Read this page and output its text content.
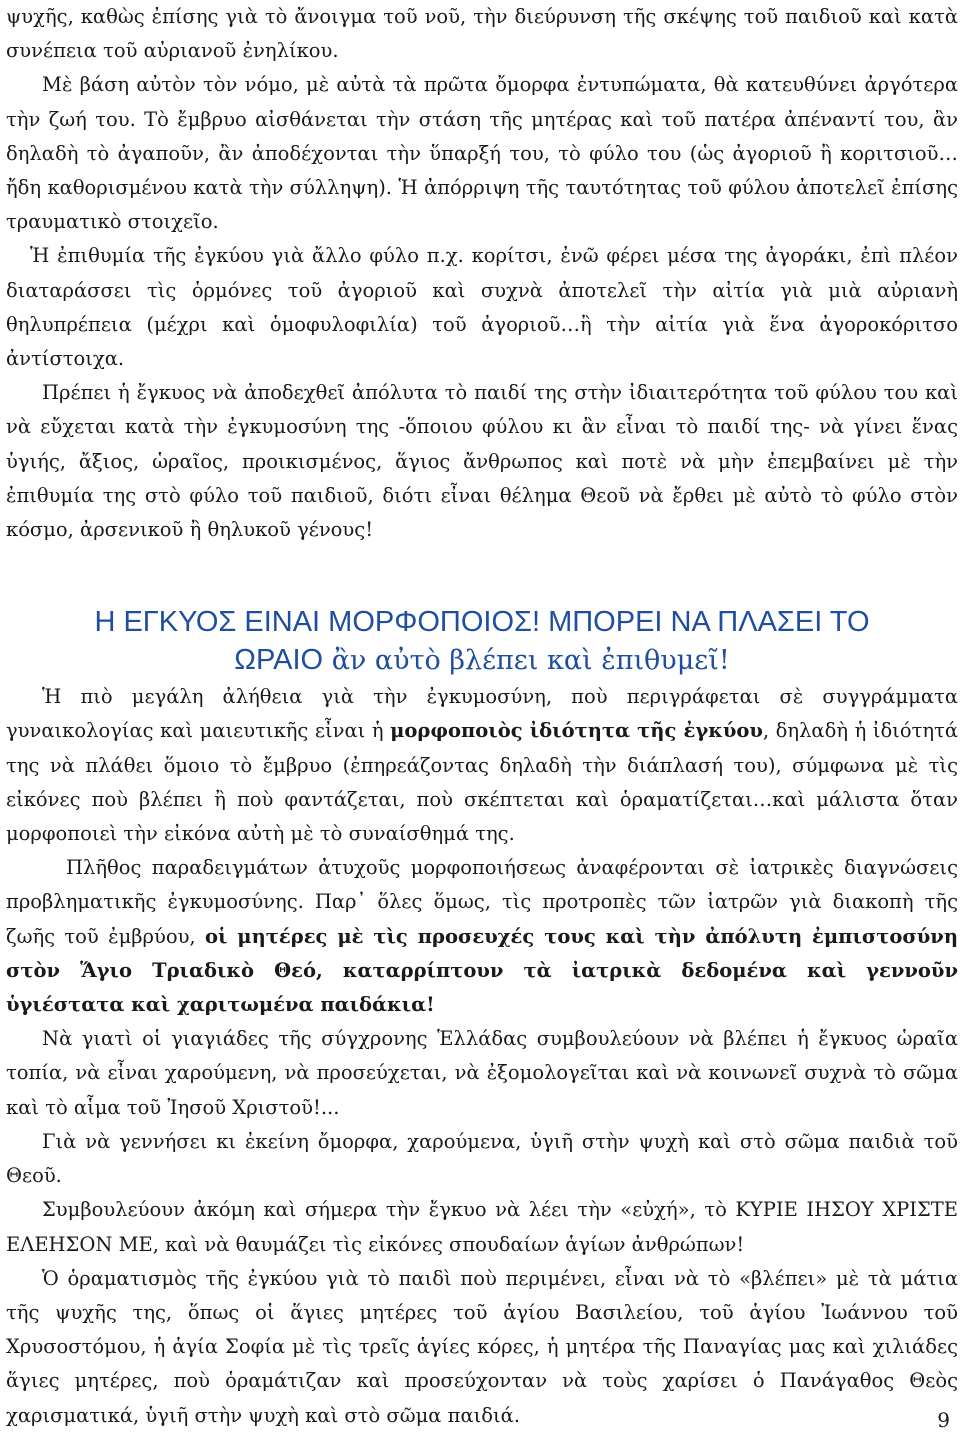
ψυχῆς, καθὼς ἐπίσης γιὰ τὸ ἄνοιγμα τοῦ νοῦ, τὴν διεύρυνση τῆς σκέψης τοῦ παιδιοῦ καὶ κατὰ συνέπεια τοῦ αὐριανοῦ ἐνηλίκου.

Μὲ βάση αὐτὸν τὸν νόμο, μὲ αὐτὰ τὰ πρῶτα ὄμορφα ἐντυπώματα, θὰ κατευθύνει ἀργότερα τὴν ζωή του. Τὸ ἔμβρυο αἰσθάνεται τὴν στάση τῆς μητέρας καὶ τοῦ πατέρα ἀπέναντί του, ἂν δηλαδὴ τὸ ἀγαποῦν, ἂν ἀποδέχονται τὴν ὕπαρξή του, τὸ φύλο του (ὡς ἀγοριοῦ ἢ κοριτσιοῦ… ἤδη καθορισμένου κατὰ τὴν σύλληψη). Ἡ ἀπόρριψη τῆς ταυτότητας τοῦ φύλου ἀποτελεῖ ἐπίσης τραυματικὸ στοιχεῖο.

Ἡ ἐπιθυμία τῆς ἐγκύου γιὰ ἄλλο φύλο π.χ. κορίτσι, ἐνῶ φέρει μέσα της ἀγοράκι, ἐπὶ πλέον διαταράσσει τὶς ὁρμόνες τοῦ ἀγοριοῦ καὶ συχνὰ ἀποτελεῖ τὴν αἰτία γιὰ μιὰ αὐριανὴ θηλυπρέπεια (μέχρι καὶ ὁμοφυλοφιλία) τοῦ ἀγοριοῦ…ἢ τὴν αἰτία γιὰ ἕνα ἀγοροκόριτσο ἀντίστοιχα.

Πρέπει ἡ ἔγκυος νὰ ἀποδεχθεῖ ἀπόλυτα τὸ παιδί της στὴν ἰδιαιτερότητα τοῦ φύλου του καὶ νὰ εὔχεται κατὰ τὴν ἐγκυμοσύνη της -ὅποιου φύλου κι ἂν εἶναι τὸ παιδί της- νὰ γίνει ἕνας ὑγιής, ἄξιος, ὡραῖος, προικισμένος, ἅγιος ἄνθρωπος καὶ ποτὲ νὰ μὴν ἐπεμβαίνει μὲ τὴν ἐπιθυμία της στὸ φύλο τοῦ παιδιοῦ, διότι εἶναι θέλημα Θεοῦ νὰ ἔρθει μὲ αὐτὸ τὸ φύλο στὸν κόσμο, ἀρσενικοῦ ἢ θηλυκοῦ γένους!

Η ΕΓΚΥΟΣ ΕΙΝΑΙ ΜΟΡΦΟΠΟΙΟΣ! ΜΠΟΡΕΙ ΝΑ ΠΛΑΣΕΙ ΤΟ
ΩΡΑΙΟ ἂν αὐτὸ βλέπει καὶ ἐπιθυμεῖ!

Ἡ πιὸ μεγάλη ἀλήθεια γιὰ τὴν ἐγκυμοσύνη, ποὺ περιγράφεται σὲ συγγράμματα γυναικολογίας καὶ μαιευτικῆς εἶναι ἡ μορφοποιὸς ἰδιότητα τῆς ἐγκύου, δηλαδὴ ἡ ἰδιότητά της νὰ πλάθει ὅμοιο τὸ ἔμβρυο (ἐπηρεάζοντας δηλαδὴ τὴν διάπλασή του), σύμφωνα μὲ τὶς εἰκόνες ποὺ βλέπει ἢ ποὺ φαντάζεται, ποὺ σκέπτεται καὶ ὁραματίζεται…καὶ μάλιστα ὅταν μορφοποιεὶ τὴν εἰκόνα αὐτὴ μὲ τὸ συναίσθημά της.

Πλῆθος παραδειγμάτων ἀτυχοῦς μορφοποιήσεως ἀναφέρονται σὲ ἰατρικὲς διαγνώσεις προβληματικῆς ἐγκυμοσύνης. Παρ᾽ ὅλες ὅμως, τὶς προτροπὲς τῶν ἰατρῶν γιὰ διακοπὴ τῆς ζωῆς τοῦ ἐμβρύου, οἱ μητέρες μὲ τὶς προσευχές τους καὶ τὴν ἀπόλυτη ἐμπιστοσύνη στὸν Ἅγιο Τριαδικὸ Θεό, καταρρίπτουν τὰ ἰατρικὰ δεδομένα καὶ γεννοῦν ὑγιέστατα καὶ χαριτωμένα παιδάκια!

Νὰ γιατὶ οἱ γιαγιάδες τῆς σύγχρονης Ἑλλάδας συμβουλεύουν νὰ βλέπει ἡ ἔγκυος ὡραῖα τοπία, νὰ εἶναι χαρούμενη, νὰ προσεύχεται, νὰ ἐξομολογεῖται καὶ νὰ κοινωνεῖ συχνὰ τὸ σῶμα καὶ τὸ αἷμα τοῦ Ἰησοῦ Χριστοῦ!...

Γιὰ νὰ γεννήσει κι ἐκείνη ὄμορφα, χαρούμενα, ὑγιῆ στὴν ψυχὴ καὶ στὸ σῶμα παιδιὰ τοῦ Θεοῦ.

Συμβουλεύουν ἀκόμη καὶ σήμερα τὴν ἔγκυο νὰ λέει τὴν «εὐχή», τὸ ΚΥΡΙΕ ΙΗΣΟΥ ΧΡΙΣΤΕ ΕΛΕΗΣΟΝ ΜΕ, καὶ νὰ θαυμάζει τὶς εἰκόνες σπουδαίων ἁγίων ἀνθρώπων!

Ὁ ὁραματισμὸς τῆς ἐγκύου γιὰ τὸ παιδὶ ποὺ περιμένει, εἶναι νὰ τὸ «βλέπει» μὲ τὰ μάτια τῆς ψυχῆς της, ὅπως οἱ ἅγιες μητέρες τοῦ ἁγίου Βασιλείου, τοῦ ἁγίου Ἰωάννου τοῦ Χρυσοστόμου, ἡ ἁγία Σοφία μὲ τὶς τρεῖς ἁγίες κόρες, ἡ μητέρα τῆς Παναγίας μας καὶ χιλιάδες ἅγιες μητέρες, ποὺ ὁραμάτιζαν καὶ προσεύχονταν νὰ τοὺς χαρίσει ὁ Πανάγαθος Θεὸς χαρισματικά, ὑγιῆ στὴν ψυχὴ καὶ στὸ σῶμα παιδιά.	9
